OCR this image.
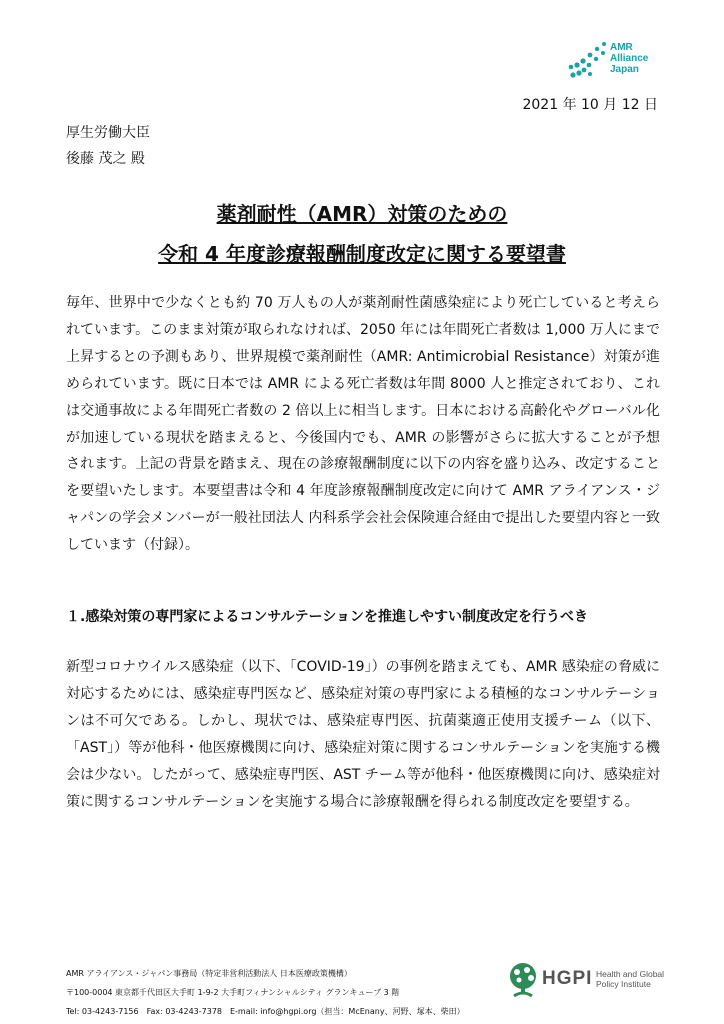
AMR
Alliance
Japan
2021 年 10 月 12 日
厚生労働大臣
後藤 茂之 殿
薬剤耐性（AMR）対策のための
令和 4 年度診療報酬制度改定に関する要望書

毎年、世界中で少なくとも約 70 万人もの人が薬剤耐性菌感染症により死亡していると考えられています。このまま対策が取られなければ、2050 年には年間死亡者数は 1,000 万人にまで上昇するとの予測もあり、世界規模で薬剤耐性（AMR: Antimicrobial Resistance）対策が進められています。既に日本では AMR による死亡者数は年間 8000 人と推定されており、これは交通事故による年間死亡者数の 2 倍以上に相当します。日本における高齢化やグローバル化が加速している現状を踏まえると、今後国内でも、AMR の影響がさらに拡大することが予想されます。上記の背景を踏まえ、現在の診療報酬制度に以下の内容を盛り込み、改定することを要望いたします。本要望書は令和 4 年度診療報酬制度改定に向けて AMR アライアンス・ジャパンの学会メンバーが一般社団法人 内科系学会社会保険連合経由で提出した要望内容と一致しています（付録）。

１.感染対策の専門家によるコンサルテーションを推進しやすい制度改定を行うべき

新型コロナウイルス感染症（以下、「COVID-19」）の事例を踏まえても、AMR 感染症の脅威に対応するためには、感染症専門医など、感染症対策の専門家による積極的なコンサルテーションは不可欠である。しかし、現状では、感染症専門医、抗菌薬適正使用支援チーム（以下、「AST」）等が他科・他医療機関に向け、感染症対策に関するコンサルテーションを実施する機会は少ない。したがって、感染症専門医、AST チーム等が他科・他医療機関に向け、感染症対策に関するコンサルテーションを実施する場合に診療報酬を得られる制度改定を要望する。

AMR アライアンス・ジャパン事務局（特定非営利活動法人 日本医療政策機構）
〒100-0004 東京都千代田区大手町 1-9-2 大手町フィナンシャルシティ グランキューブ 3 階
Tel: 03-4243-7156　Fax: 03-4243-7378　E-mail: info@hgpi.org（担当：McEnany、河野、塚本、柴田）
HGPI Health and Global
Policy Institute
